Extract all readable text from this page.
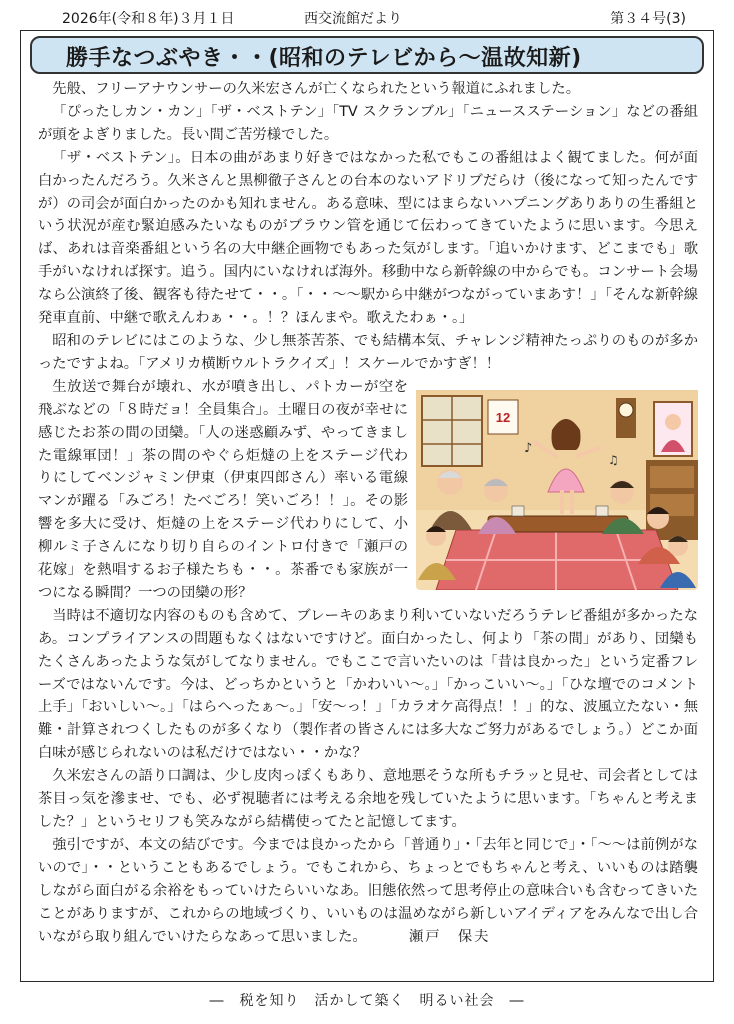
2026年(令和８年)３月１日	西交流館だより	第３４号(3)
勝手なつぶやき・・(昭和のテレビから～温故知新)

先般、フリーアナウンサーの久米宏さんが亡くなられたという報道にふれました。

「ぴったしカン・カン」「ザ・ベストテン」「TV スクランブル」「ニュースステーション」などの番組が頭をよぎりました。長い間ご苦労様でした。

「ザ・ベストテン」。日本の曲があまり好きではなかった私でもこの番組はよく観てました。何が面白かったんだろう。久米さんと黒柳徹子さんとの台本のないアドリブだらけ（後になって知ったんですが）の司会が面白かったのかも知れません。ある意味、型にはまらないハプニングありありの生番組という状況が産む緊迫感みたいなものがブラウン管を通じて伝わってきていたように思います。今思えば、あれは音楽番組という名の大中継企画物でもあった気がします。「追いかけます、どこまでも」歌手がいなければ探す。追う。国内にいなければ海外。移動中なら新幹線の中からでも。コンサート会場なら公演終了後、観客も待たせて・・。「・・～～駅から中継がつながっていまあす！」「そんな新幹線発車直前、中継で歌えんわぁ・・。！？ほんまや。歌えたわぁ・。」

昭和のテレビにはこのような、少し無茶苦茶、でも結構本気、チャレンジ精神たっぷりのものが多かったですよね。「アメリカ横断ウルトラクイズ」！スケールでかすぎ！！

12
♪
♫

生放送で舞台が壊れ、水が噴き出し、パトカーが空を飛ぶなどの「８時だョ！全員集合」。土曜日の夜が幸せに感じたお茶の間の団欒。「人の迷惑顧みず、やってきました電線軍団！」茶の間のやぐら炬燵の上をステージ代わりにしてベンジャミン伊東（伊東四郎さん）率いる電線マンが躍る「みごろ！たべごろ！笑いごろ！！」。その影響を多大に受け、炬燵の上をステージ代わりにして、小柳ルミ子さんになり切り自らのイントロ付きで「瀬戸の花嫁」を熱唱するお子様たちも・・。茶番でも家族が一つになる瞬間？一つの団欒の形？

当時は不適切な内容のものも含めて、ブレーキのあまり利いていないだろうテレビ番組が多かったなあ。コンプライアンスの問題もなくはないですけど。面白かったし、何より「茶の間」があり、団欒もたくさんあったような気がしてなりません。でもここで言いたいのは「昔は良かった」という定番フレーズではないんです。今は、どっちかというと「かわいい～。」「かっこいい～。」「ひな壇でのコメント上手」「おいしい～。」「はらへったぁ～。」「安～っ！」「カラオケ高得点！！」的な、波風立たない・無難・計算されつくしたものが多くなり（製作者の皆さんには多大なご努力があるでしょう。）どこか面白味が感じられないのは私だけではない・・かな？

久米宏さんの語り口調は、少し皮肉っぽくもあり、意地悪そうな所もチラッと見せ、司会者としては茶目っ気を滲ませ、でも、必ず視聴者には考える余地を残していたように思います。「ちゃんと考えました？」というセリフも笑みながら結構使ってたと記憶してます。

強引ですが、本文の結びです。今までは良かったから「普通り」・「去年と同じで」・「～～は前例がないので」・・ということもあるでしょう。でもこれから、ちょっとでもちゃんと考え、いいものは踏襲しながら面白がる余裕をもっていけたらいいなあ。旧態依然って思考停止の意味合いも含むってきいたことがありますが、これからの地域づくり、いいものは温めながら新しいアイディアをみんなで出し合いながら取り組んでいけたらなあって思いました。	瀬戸　保夫

―　税を知り　活かして築く　明るい社会　―
